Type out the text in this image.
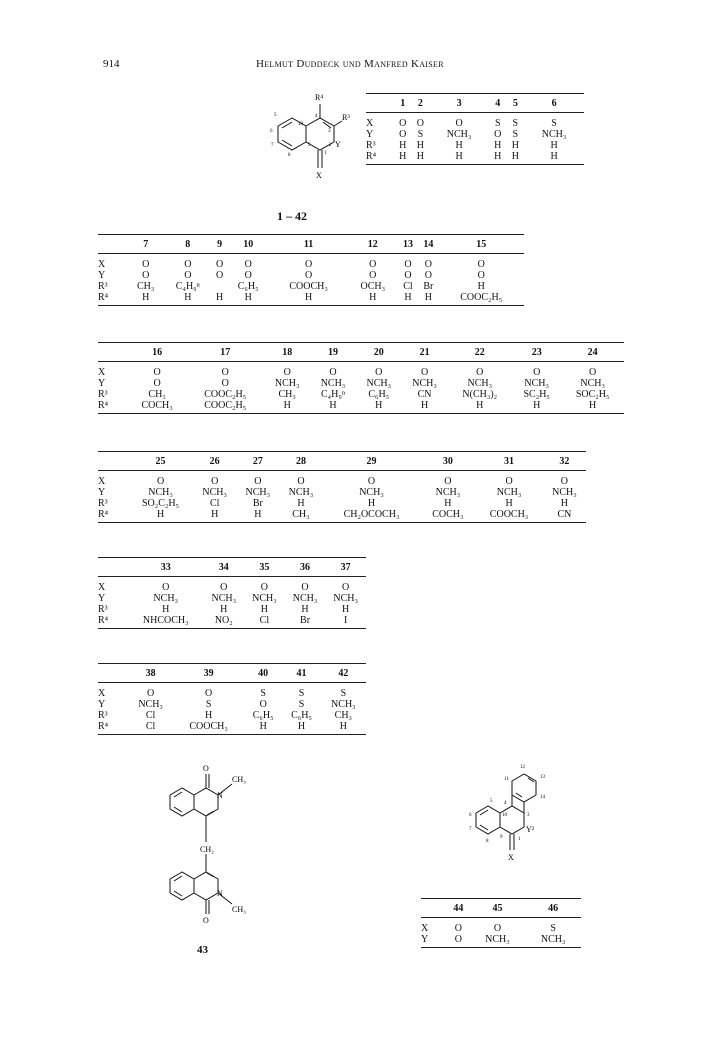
914	Helmut Duddeck und Manfred Kaiser
R⁴
R³
Y
X
5
6
7
8
9
10
4
3
2
1
1 – 42
	1	2	3	4	5	6
X	O	O	O	S	S	S
Y	O	S	NCH₃	O	S	NCH₃
R³	H	H	H	H	H	H
R⁴	H	H	H	H	H	H
	7	8	9	10	11	12	13	14	15
X	O	O	O	O	O	O	O	O	O
Y	O	O	O	O	O	O	O	O	O
R³	CH₃	C₄H₉ⁿ		C₆H₅	COOCH₃	OCH₃	Cl	Br	H
R⁴	H	H	H	H	H	H	H	H	COOC₂H₅
	16	17	18	19	20	21	22	23	24
X	O	O	O	O	O	O	O	O	O
Y	O	O	NCH₃	NCH₃	NCH₃	NCH₃	NCH₃	NCH₃	NCH₃
R³	CH₃	COOC₂H₅	CH₃	C₄H₉ⁿ	C₆H₅	CN	N(CH₃)₂	SC₂H₅	SOC₂H₅
R⁴	COCH₃	COOC₂H₅	H	H	H	H	H	H	H
	25	26	27	28	29	30	31	32
X	O	O	O	O	O	O	O	O
Y	NCH₃	NCH₃	NCH₃	NCH₃	NCH₃	NCH₃	NCH₃	NCH₃
R³	SO₂C₂H₅	Cl	Br	H	H	H	H	H
R⁴	H	H	H	CH₃	CH₂OCOCH₃	COCH₃	COOCH₃	CN
	33	34	35	36	37
X	O	O	O	O	O
Y	NCH₃	NCH₃	NCH₃	NCH₃	NCH₃
R³	H	H	H	H	H
R⁴	NHCOCH₃	NO₂	Cl	Br	I
	38	39	40	41	42
X	O	O	S	S	S
Y	NCH₃	S	O	S	NCH₃
R³	Cl	H	C₆H₅	C₆H₅	CH₃
R⁴	Cl	COOCH₃	H	H	H
O
N
CH₃
CH₂
N
CH₃
O
43
12
13
14
11
4
5
6
7
8
9
10	3
1
Y²
X
	44	45	46
X	O	O	S
Y	O	NCH₃	NCH₃
